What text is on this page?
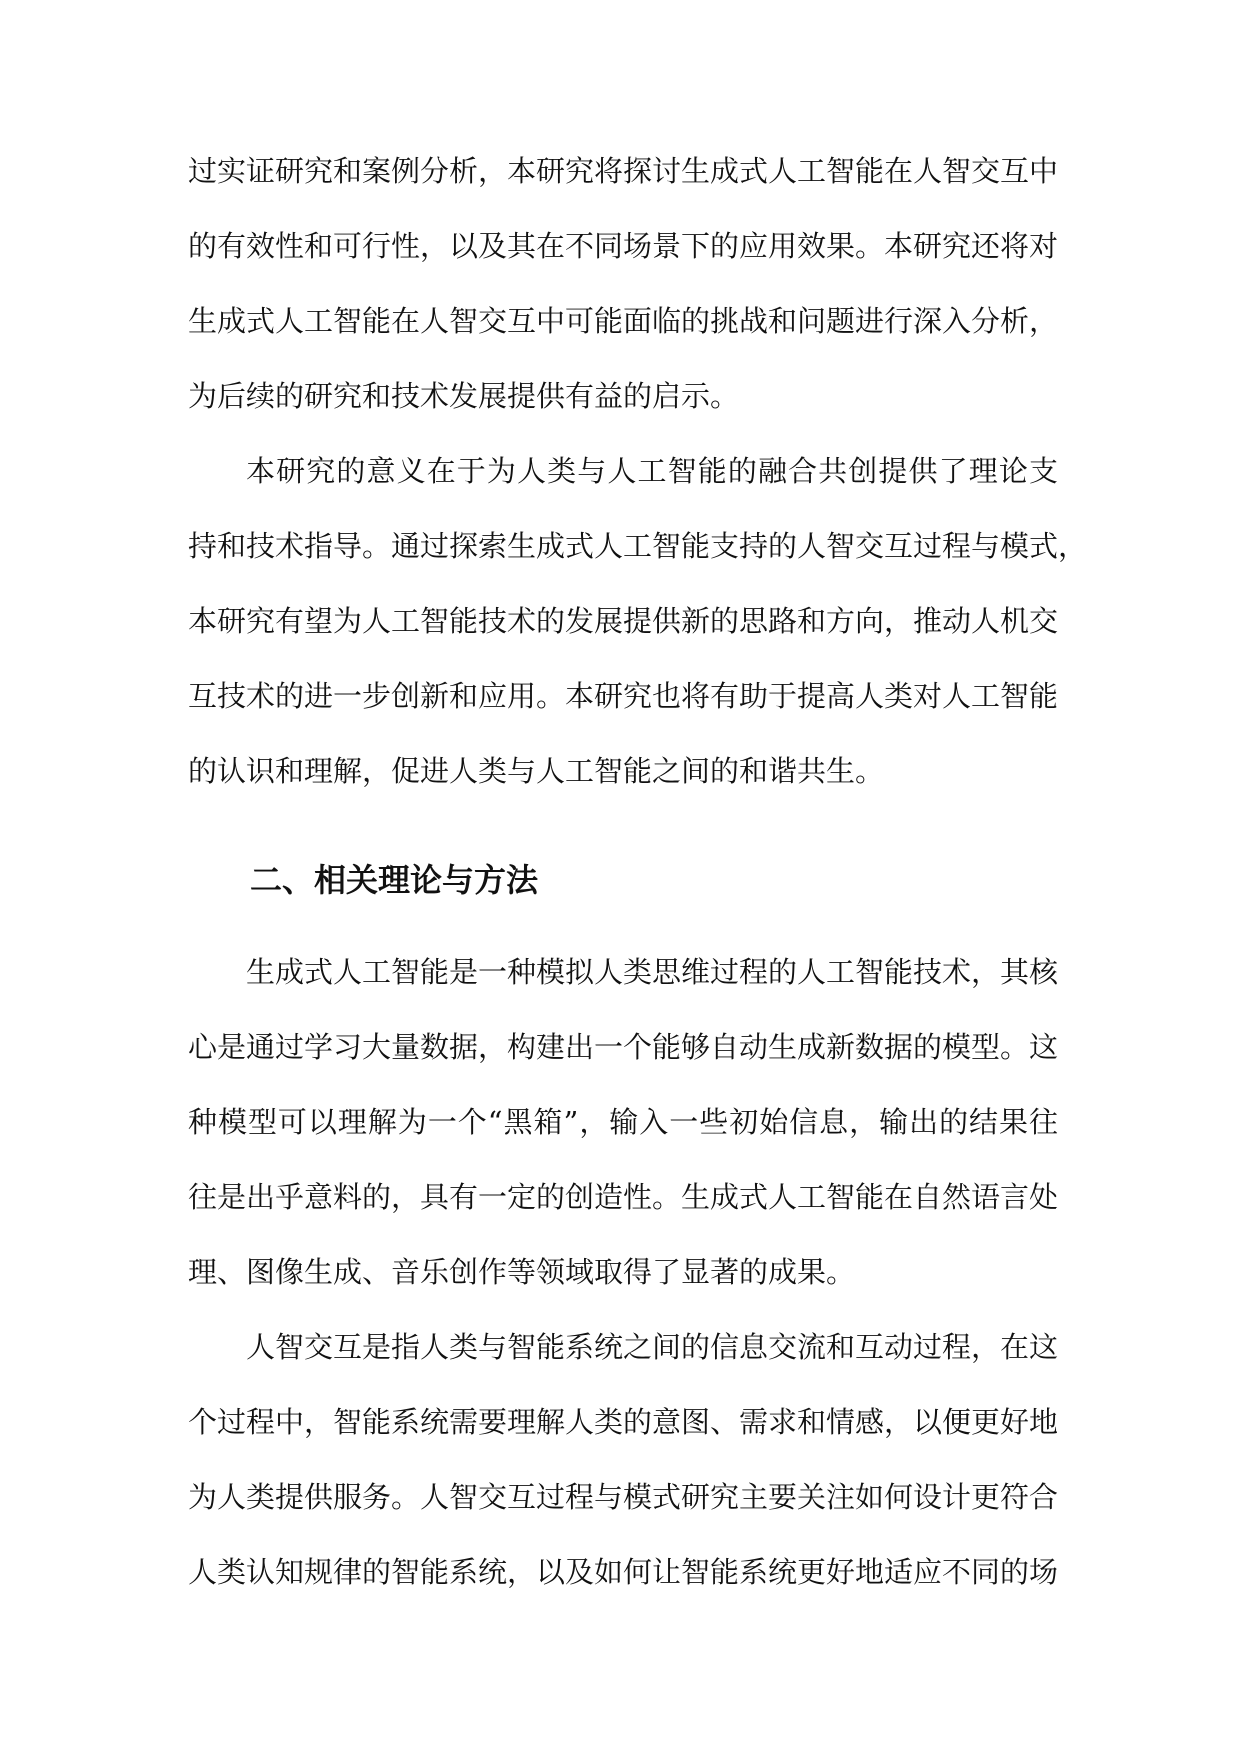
过实证研究和案例分析，本研究将探讨生成式人工智能在人智交互中
的有效性和可行性，以及其在不同场景下的应用效果。本研究还将对
生成式人工智能在人智交互中可能面临的挑战和问题进行深入分析，
为后续的研究和技术发展提供有益的启示。
本研究的意义在于为人类与人工智能的融合共创提供了理论支
持和技术指导。通过探索生成式人工智能支持的人智交互过程与模式，
本研究有望为人工智能技术的发展提供新的思路和方向，推动人机交
互技术的进一步创新和应用。本研究也将有助于提高人类对人工智能
的认识和理解，促进人类与人工智能之间的和谐共生。
二、相关理论与方法
生成式人工智能是一种模拟人类思维过程的人工智能技术，其核
心是通过学习大量数据，构建出一个能够自动生成新数据的模型。这
种模型可以理解为一个“黑箱”，输入一些初始信息，输出的结果往
往是出乎意料的，具有一定的创造性。生成式人工智能在自然语言处
理、图像生成、音乐创作等领域取得了显著的成果。
人智交互是指人类与智能系统之间的信息交流和互动过程，在这
个过程中，智能系统需要理解人类的意图、需求和情感，以便更好地
为人类提供服务。人智交互过程与模式研究主要关注如何设计更符合
人类认知规律的智能系统，以及如何让智能系统更好地适应不同的场
